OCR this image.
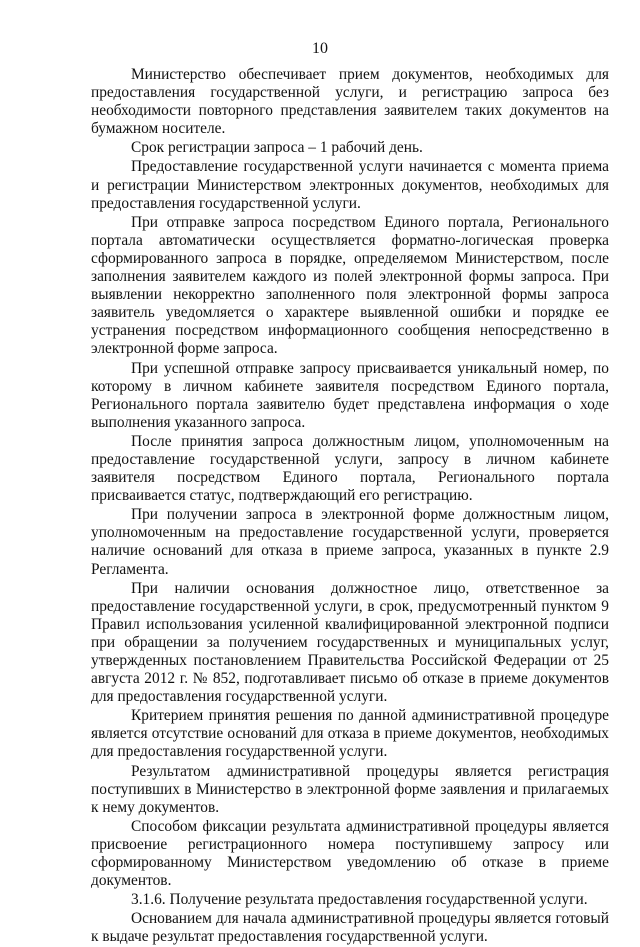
10

Министерство обеспечивает прием документов, необходимых для предоставления государственной услуги, и регистрацию запроса без необходимости повторного представления заявителем таких документов на бумажном носителе.

Срок регистрации запроса – 1 рабочий день.

Предоставление государственной услуги начинается с момента приема и регистрации Министерством электронных документов, необходимых для предоставления государственной услуги.

При отправке запроса посредством Единого портала, Регионального портала автоматически осуществляется форматно-логическая проверка сформированного запроса в порядке, определяемом Министерством, после заполнения заявителем каждого из полей электронной формы запроса. При выявлении некорректно заполненного поля электронной формы запроса заявитель уведомляется о характере выявленной ошибки и порядке ее устранения посредством информационного сообщения непосредственно в электронной форме запроса.

При успешной отправке запросу присваивается уникальный номер, по которому в личном кабинете заявителя посредством Единого портала, Регионального портала заявителю будет представлена информация о ходе выполнения указанного запроса.

После принятия запроса должностным лицом, уполномоченным на предоставление государственной услуги, запросу в личном кабинете заявителя посредством Единого портала, Регионального портала присваивается статус, подтверждающий его регистрацию.

При получении запроса в электронной форме должностным лицом, уполномоченным на предоставление государственной услуги, проверяется наличие оснований для отказа в приеме запроса, указанных в пункте 2.9 Регламента.

При наличии основания должностное лицо, ответственное за предоставление государственной услуги, в срок, предусмотренный пунктом 9 Правил использования усиленной квалифицированной электронной подписи при обращении за получением государственных и муниципальных услуг, утвержденных постановлением Правительства Российской Федерации от 25 августа 2012 г. № 852, подготавливает письмо об отказе в приеме документов для предоставления государственной услуги.

Критерием принятия решения по данной административной процедуре является отсутствие оснований для отказа в приеме документов, необходимых для предоставления государственной услуги.

Результатом административной процедуры является регистрация поступивших в Министерство в электронной форме заявления и прилагаемых к нему документов.

Способом фиксации результата административной процедуры является присвоение регистрационного номера поступившему запросу или сформированному Министерством уведомлению об отказе в приеме документов.

3.1.6. Получение результата предоставления государственной услуги.

Основанием для начала административной процедуры является готовый к выдаче результат предоставления государственной услуги.
